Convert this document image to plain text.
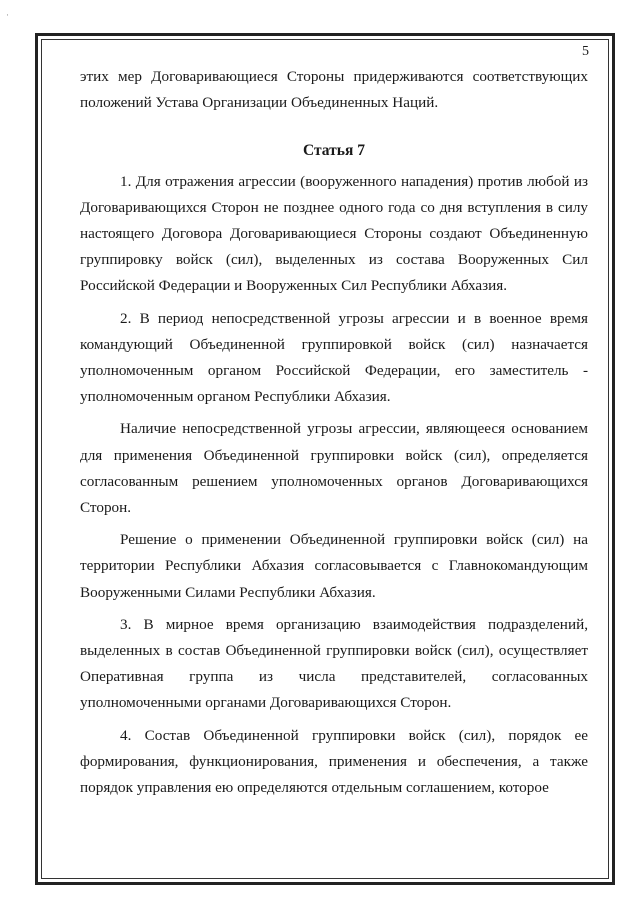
·
5

этих мер Договаривающиеся Стороны придерживаются соответствующих положений Устава Организации Объединенных Наций.

Статья 7

1. Для отражения агрессии (вооруженного нападения) против любой из Договаривающихся Сторон не позднее одного года со дня вступления в силу настоящего Договора Договаривающиеся Стороны создают Объединенную группировку войск (сил), выделенных из состава Вооруженных Сил Российской Федерации и Вооруженных Сил Республики Абхазия.

2. В период непосредственной угрозы агрессии и в военное время командующий Объединенной группировкой войск (сил) назначается уполномоченным органом Российской Федерации, его заместитель - уполномоченным органом Республики Абхазия.

Наличие непосредственной угрозы агрессии, являющееся основанием для применения Объединенной группировки войск (сил), определяется согласованным решением уполномоченных органов Договаривающихся Сторон.

Решение о применении Объединенной группировки войск (сил) на территории Республики Абхазия согласовывается с Главнокомандующим Вооруженными Силами Республики Абхазия.

3. В мирное время организацию взаимодействия подразделений, выделенных в состав Объединенной группировки войск (сил), осуществляет Оперативная группа из числа представителей, согласованных уполномоченными органами Договаривающихся Сторон.

4. Состав Объединенной группировки войск (сил), порядок ее формирования, функционирования, применения и обеспечения, а также порядок управления ею определяются отдельным соглашением, которое
